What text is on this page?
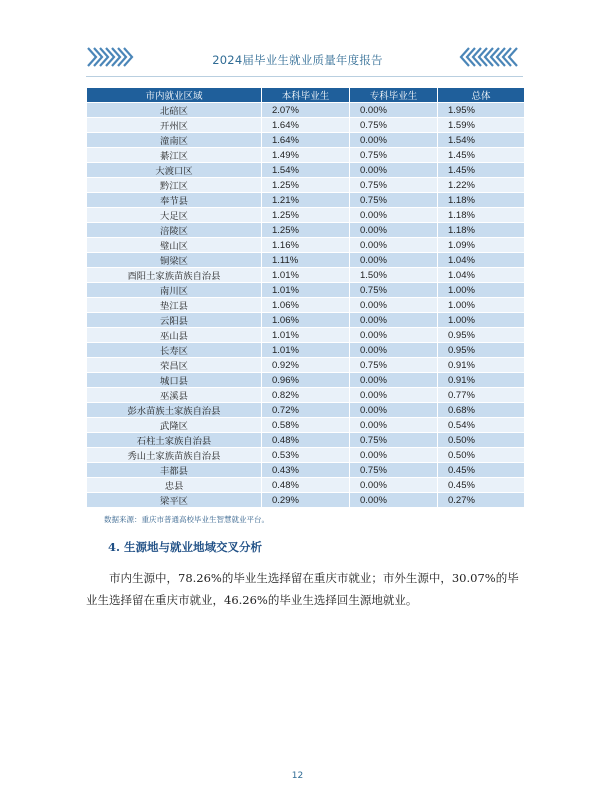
2024届毕业生就业质量年度报告
市内就业区域	本科毕业生	专科毕业生	总体
北碚区	2.07%	0.00%	1.95%
开州区	1.64%	0.75%	1.59%
潼南区	1.64%	0.00%	1.54%
綦江区	1.49%	0.75%	1.45%
大渡口区	1.54%	0.00%	1.45%
黔江区	1.25%	0.75%	1.22%
奉节县	1.21%	0.75%	1.18%
大足区	1.25%	0.00%	1.18%
涪陵区	1.25%	0.00%	1.18%
璧山区	1.16%	0.00%	1.09%
铜梁区	1.11%	0.00%	1.04%
酉阳土家族苗族自治县	1.01%	1.50%	1.04%
南川区	1.01%	0.75%	1.00%
垫江县	1.06%	0.00%	1.00%
云阳县	1.06%	0.00%	1.00%
巫山县	1.01%	0.00%	0.95%
长寿区	1.01%	0.00%	0.95%
荣昌区	0.92%	0.75%	0.91%
城口县	0.96%	0.00%	0.91%
巫溪县	0.82%	0.00%	0.77%
彭水苗族土家族自治县	0.72%	0.00%	0.68%
武隆区	0.58%	0.00%	0.54%
石柱土家族自治县	0.48%	0.75%	0.50%
秀山土家族苗族自治县	0.53%	0.00%	0.50%
丰都县	0.43%	0.75%	0.45%
忠县	0.48%	0.00%	0.45%
梁平区	0.29%	0.00%	0.27%
数据来源：重庆市普通高校毕业生智慧就业平台。
4. 生源地与就业地域交叉分析
市内生源中，78.26%的毕业生选择留在重庆市就业；市外生源中，30.07%的毕业生选择留在重庆市就业，46.26%的毕业生选择回生源地就业。
12
